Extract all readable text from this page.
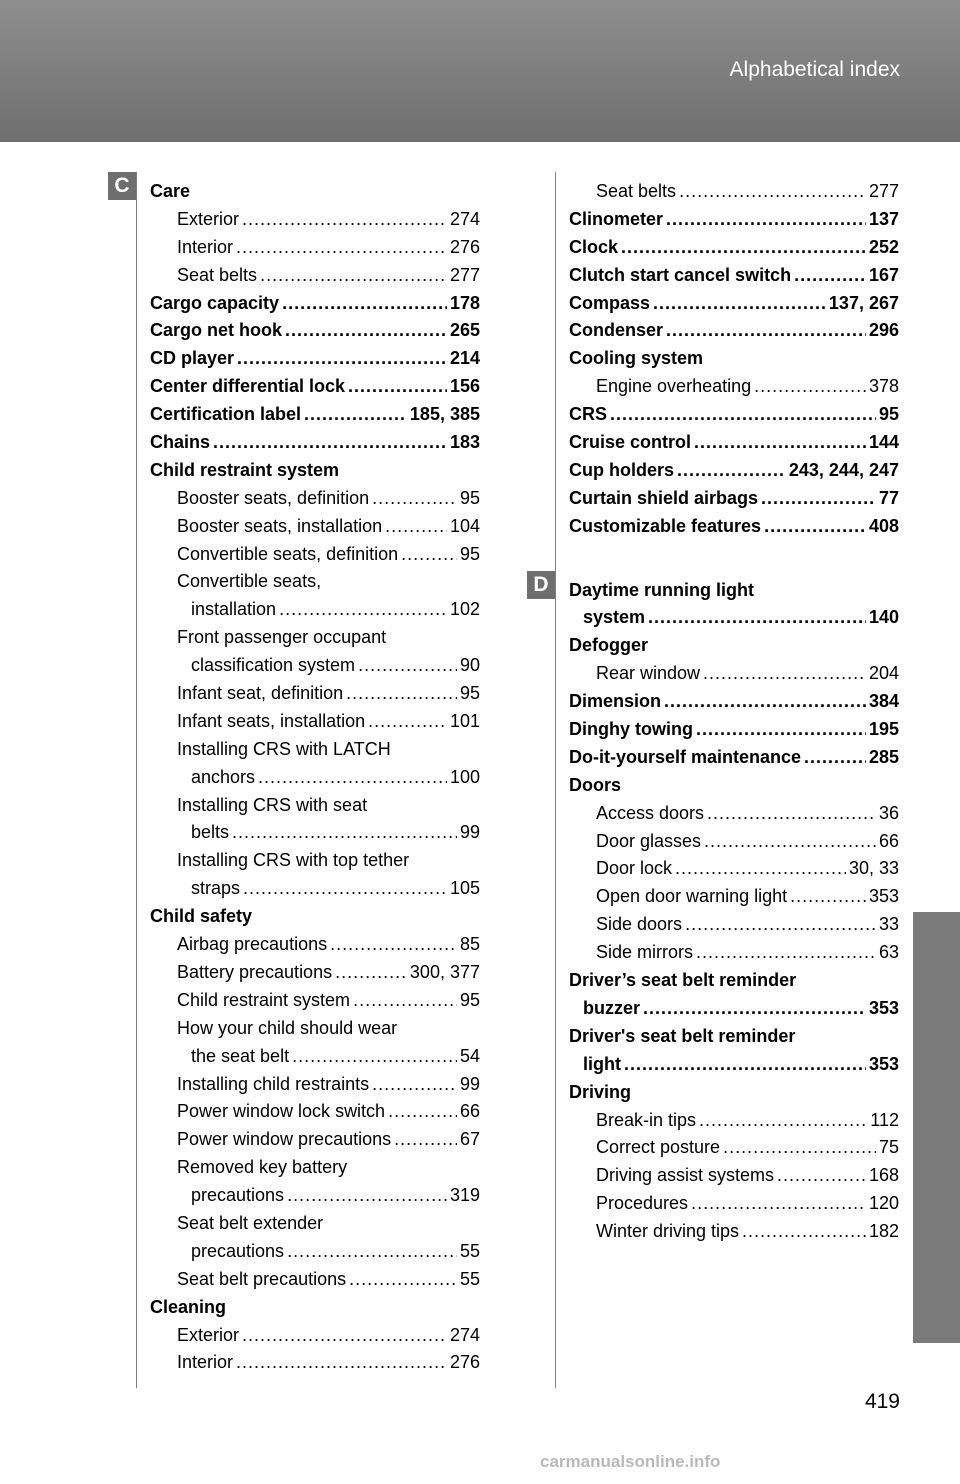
Alphabetical index
C
D
Care
Exterior .....	274
Interior .....	276
Seat belts .....	277
Cargo capacity .....	178
Cargo net hook .....	265
CD player .....	214
Center differential lock .....	156
Certification label .....	185, 385
Chains .....	183
Child restraint system
Booster seats, definition .....	95
Booster seats, installation .....	104
Convertible seats, definition .....	95
Convertible seats,
installation .....	102
Front passenger occupant
classification system .....	90
Infant seat, definition .....	95
Infant seats, installation .....	101
Installing CRS with LATCH
anchors .....	100
Installing CRS with seat
belts .....	99
Installing CRS with top tether
straps .....	105
Child safety
Airbag precautions .....	85
Battery precautions .....	300, 377
Child restraint system .....	95
How your child should wear
the seat belt .....	54
Installing child restraints .....	99
Power window lock switch .....	66
Power window precautions .....	67
Removed key battery
precautions .....	319
Seat belt extender
precautions .....	55
Seat belt precautions .....	55
Cleaning
Exterior .....	274
Interior .....	276
Seat belts .....	277
Clinometer .....	137
Clock .....	252
Clutch start cancel switch .....	167
Compass .....	137, 267
Condenser .....	296
Cooling system
Engine overheating .....	378
CRS .....	95
Cruise control .....	144
Cup holders .....	243, 244, 247
Curtain shield airbags .....	77
Customizable features .....	408
Daytime running light
system .....	140
Defogger
Rear window .....	204
Dimension .....	384
Dinghy towing .....	195
Do-it-yourself maintenance .....	285
Doors
Access doors .....	36
Door glasses .....	66
Door lock .....	30, 33
Open door warning light .....	353
Side doors .....	33
Side mirrors .....	63
Driver’s seat belt reminder
buzzer .....	353
Driver's seat belt reminder
light .....	353
Driving
Break-in tips .....	112
Correct posture .....	75
Driving assist systems .....	168
Procedures .....	120
Winter driving tips .....	182
419
carmanualsonline.info
